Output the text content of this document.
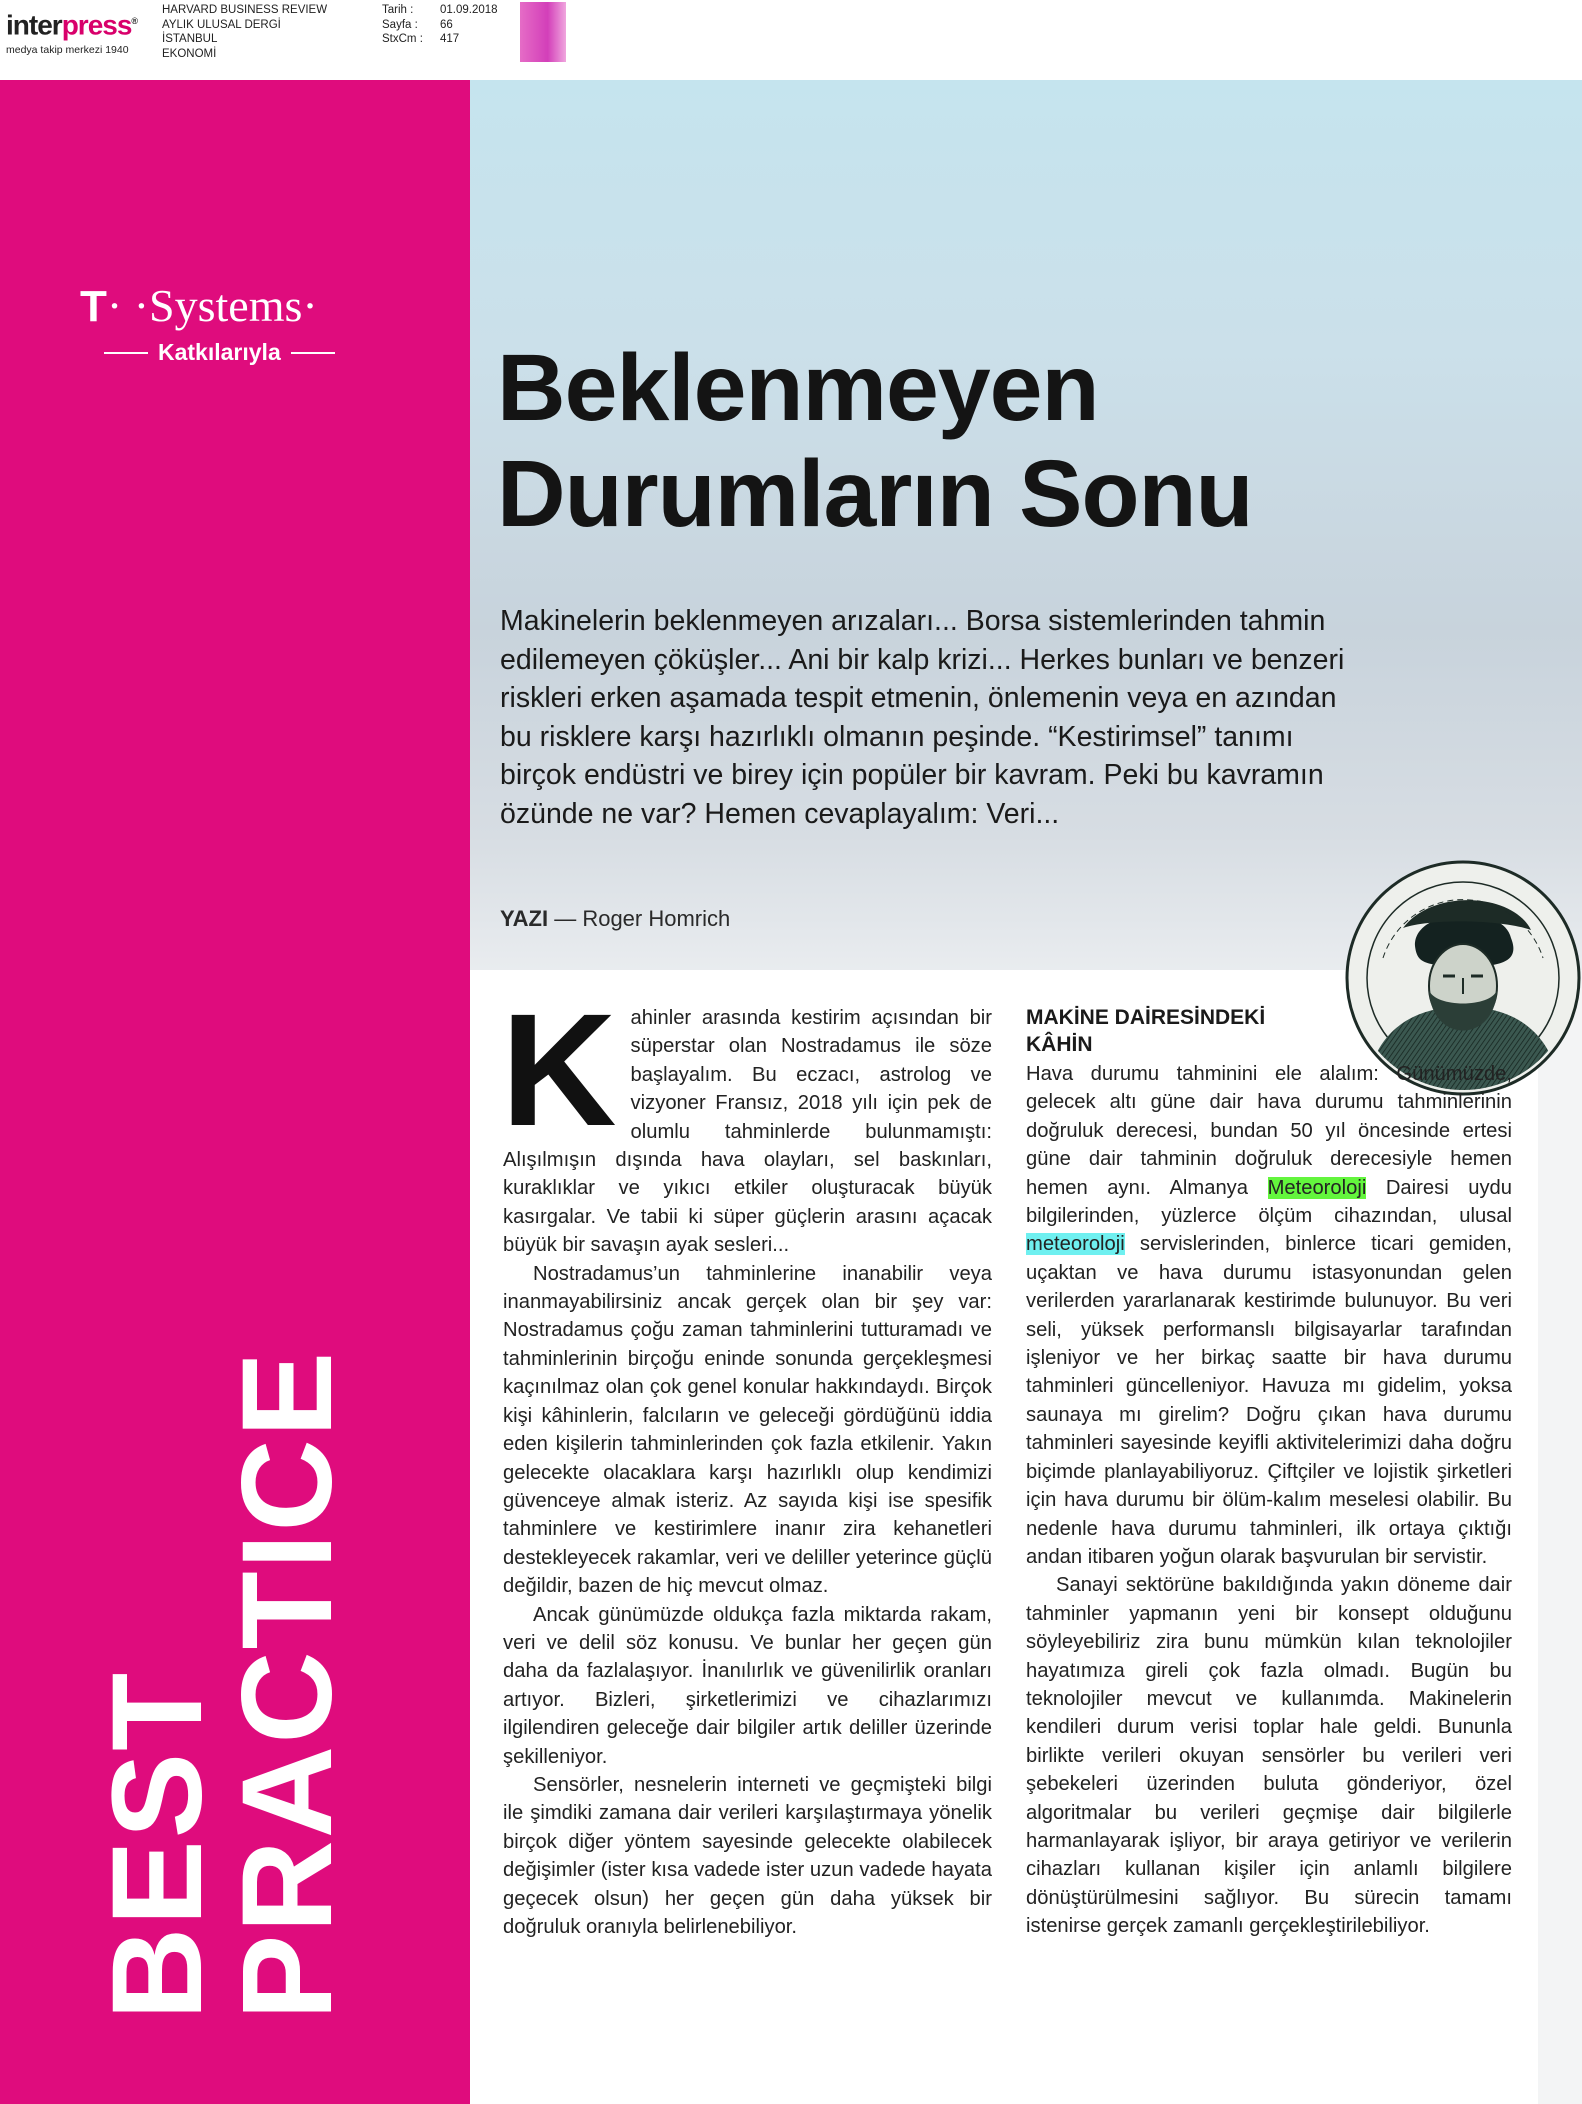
interpress®
medya takip merkezi 1940
HARVARD BUSINESS REVIEW
AYLIK ULUSAL DERGİ
İSTANBUL
EKONOMİ
Tarih :
Sayfa :
StxCm :
01.09.2018
66
417
T· ·Systems·
Katkılarıyla
BEST
PRACTICE
Beklenmeyen
Durumların Sonu

Makinelerin beklenmeyen arızaları... Borsa sistemlerinden tahmin edilemeyen çöküşler... Ani bir kalp krizi... Herkes bunları ve benzeri riskleri erken aşamada tespit etmenin, önlemenin veya en azından bu risklere karşı hazırlıklı olmanın peşinde. “Kestirimsel” tanımı birçok endüstri ve birey için popüler bir kavram. Peki bu kavramın özünde ne var? Hemen cevaplayalım: Veri...

YAZI — Roger Homrich
K ahinler arasında kestirim açısından bir süperstar olan Nostradamus ile söze başlayalım. Bu eczacı, astrolog ve vizyoner Fransız, 2018 yılı için pek de olumlu tahminlerde bulunmamıştı: Alışılmışın dışında hava olayları, sel baskınları, kuraklıklar ve yıkıcı etkiler oluşturacak büyük kasırgalar. Ve tabii ki süper güçlerin arasını açacak büyük bir savaşın ayak sesleri...

Nostradamus’un tahminlerine inanabilir veya inanmayabilirsiniz ancak gerçek olan bir şey var: Nostradamus çoğu zaman tahminlerini tutturamadı ve tahminlerinin birçoğu eninde sonunda gerçekleşmesi kaçınılmaz olan çok genel konular hakkındaydı. Birçok kişi kâhinlerin, falcıların ve geleceği gördüğünü iddia eden kişilerin tahminlerinden çok fazla etkilenir. Yakın gelecekte olacaklara karşı hazırlıklı olup kendimizi güvenceye almak isteriz. Az sayıda kişi ise spesifik tahminlere ve kestirimlere inanır zira kehanetleri destekleyecek rakamlar, veri ve deliller yeterince güçlü değildir, bazen de hiç mevcut olmaz.

Ancak günümüzde oldukça fazla miktarda rakam, veri ve delil söz konusu. Ve bunlar her geçen gün daha da fazlalaşıyor. İnanılırlık ve güvenilirlik oranları artıyor. Bizleri, şirketlerimizi ve cihazlarımızı ilgilendiren geleceğe dair bilgiler artık deliller üzerinde şekilleniyor.

Sensörler, nesnelerin interneti ve geçmişteki bilgi ile şimdiki zamana dair verileri karşılaştırmaya yönelik birçok diğer yöntem sayesinde gelecekte olabilecek değişimler (ister kısa vadede ister uzun vadede hayata geçecek olsun) her geçen gün daha yüksek bir doğruluk oranıyla belirlenebiliyor.

MAKİNE DAİRESİNDEKİ
KÂHİN

Hava durumu tahminini ele alalım: Günümüzde, gelecek altı güne dair hava durumu tahminlerinin doğruluk derecesi, bundan 50 yıl öncesinde ertesi güne dair tahminin doğruluk derecesiyle hemen hemen aynı. Almanya Meteoroloji Dairesi uydu bilgilerinden, yüzlerce ölçüm cihazından, ulusal meteoroloji servislerinden, binlerce ticari gemiden, uçaktan ve hava durumu istasyonundan gelen verilerden yararlanarak kestirimde bulunuyor. Bu veri seli, yüksek performanslı bilgisayarlar tarafından işleniyor ve her birkaç saatte bir hava durumu tahminleri güncelleniyor. Havuza mı gidelim, yoksa saunaya mı girelim? Doğru çıkan hava durumu tahminleri sayesinde keyifli aktivitelerimizi daha doğru biçimde planlayabiliyoruz. Çiftçiler ve lojistik şirketleri için hava durumu bir ölüm-kalım meselesi olabilir. Bu nedenle hava durumu tahminleri, ilk ortaya çıktığı andan itibaren yoğun olarak başvurulan bir servistir.

Sanayi sektörüne bakıldığında yakın döneme dair tahminler yapmanın yeni bir konsept olduğunu söyleyebiliriz zira bunu mümkün kılan teknolojiler hayatımıza gireli çok fazla olmadı. Bugün bu teknolojiler mevcut ve kullanımda. Makinelerin kendileri durum verisi toplar hale geldi. Bununla birlikte verileri okuyan sensörler bu verileri veri şebekeleri üzerinden buluta gönderiyor, özel algoritmalar bu verileri geçmişe dair bilgilerle harmanlayarak işliyor, bir araya getiriyor ve verilerin cihazları kullanan kişiler için anlamlı bilgilere dönüştürülmesini sağlıyor. Bu sürecin tamamı istenirse gerçek zamanlı gerçekleştirilebiliyor.
